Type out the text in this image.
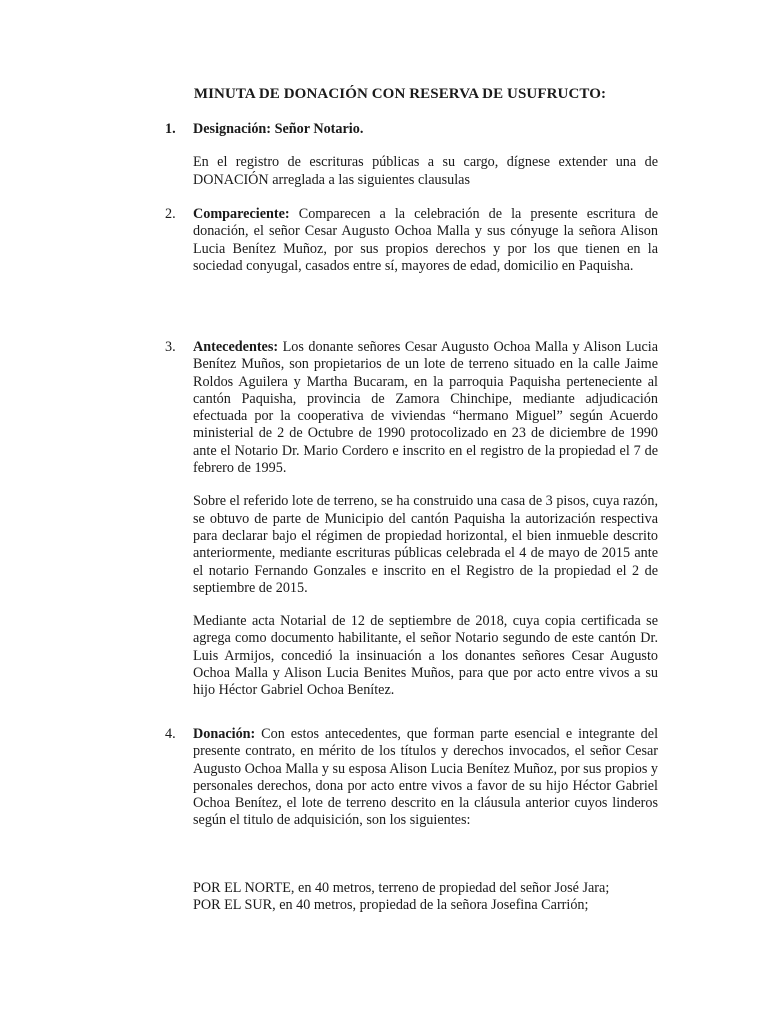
MINUTA DE DONACIÓN CON RESERVA DE USUFRUCTO:
1.	Designación: Señor Notario.

En el registro de escrituras públicas a su cargo, dígnese extender una de DONACIÓN arreglada a las siguientes clausulas

2.	Compareciente: Comparecen a la celebración de la presente escritura de donación, el señor Cesar Augusto Ochoa Malla y sus cónyuge la señora Alison Lucia Benítez Muñoz, por sus propios derechos y por los que tienen en la sociedad conyugal, casados entre sí, mayores de edad, domicilio en Paquisha.

3.	Antecedentes: Los donante señores Cesar Augusto Ochoa Malla y Alison Lucia Benítez Muños, son propietarios de un lote de terreno situado en la calle Jaime Roldos Aguilera y Martha Bucaram, en la parroquia Paquisha perteneciente al cantón Paquisha, provincia de Zamora Chinchipe, mediante adjudicación efectuada por la cooperativa de viviendas “hermano Miguel” según Acuerdo ministerial de 2 de Octubre de 1990 protocolizado en 23 de diciembre de 1990 ante el Notario Dr. Mario Cordero e inscrito en el registro de la propiedad el 7 de febrero de 1995.

Sobre el referido lote de terreno, se ha construido una casa de 3 pisos, cuya razón, se obtuvo de parte de Municipio del cantón Paquisha la autorización respectiva para declarar bajo el régimen de propiedad horizontal, el bien inmueble descrito anteriormente, mediante escrituras públicas celebrada el 4 de mayo de 2015 ante el notario Fernando Gonzales e inscrito en el Registro de la propiedad el 2 de septiembre de 2015.

Mediante acta Notarial de 12 de septiembre de 2018, cuya copia certificada se agrega como documento habilitante, el señor Notario segundo de este cantón Dr. Luis Armijos, concedió la insinuación a los donantes señores Cesar Augusto Ochoa Malla y Alison Lucia Benites Muños, para que por acto entre vivos a su hijo Héctor Gabriel Ochoa Benítez.

4.	Donación: Con estos antecedentes, que forman parte esencial e integrante del presente contrato, en mérito de los títulos y derechos invocados, el señor Cesar Augusto Ochoa Malla y su esposa Alison Lucia Benítez Muñoz, por sus propios y personales derechos, dona por acto entre vivos a favor de su hijo Héctor Gabriel Ochoa Benítez, el lote de terreno descrito en la cláusula anterior cuyos linderos según el titulo de adquisición, son los siguientes:

POR EL NORTE, en 40 metros, terreno de propiedad del señor José Jara;

POR EL SUR, en 40 metros, propiedad de la señora Josefina Carrión;
